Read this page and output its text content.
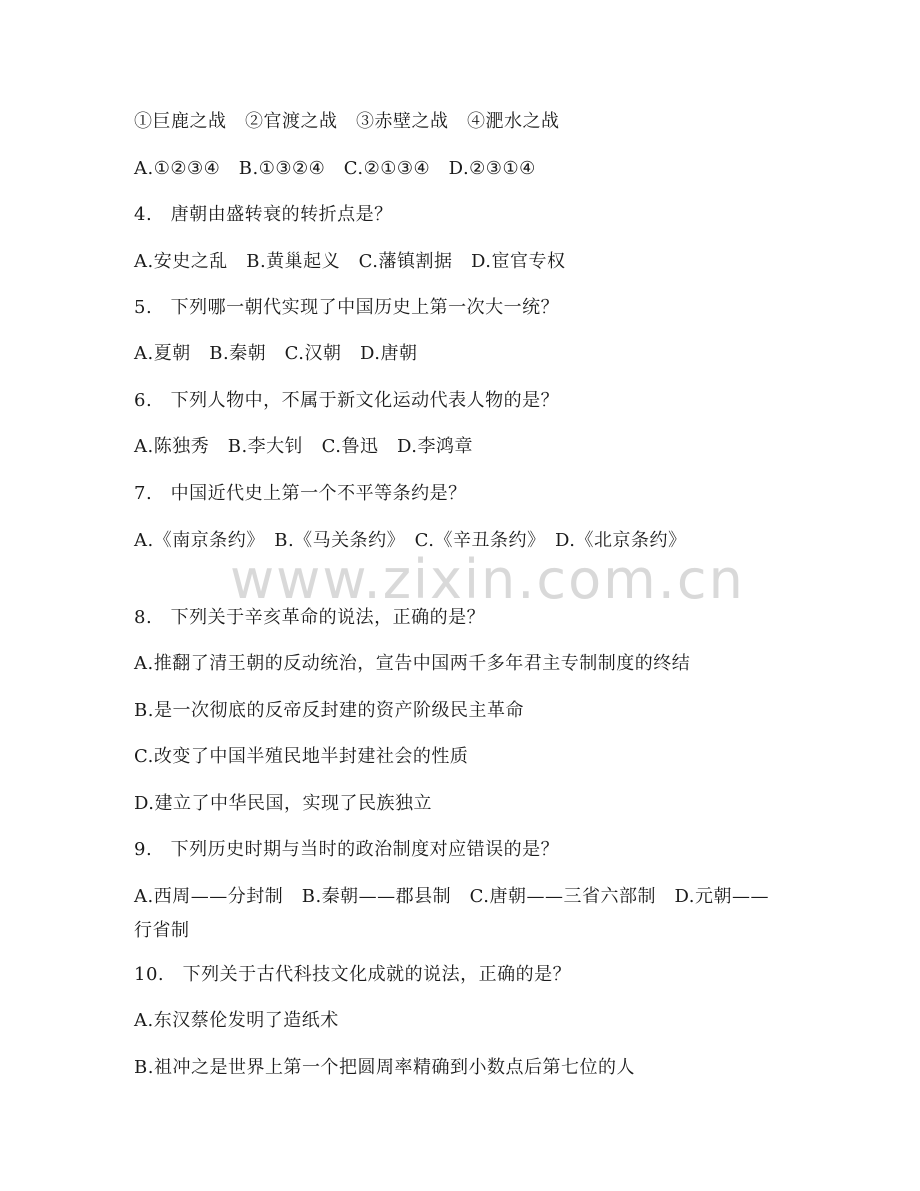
①巨鹿之战　②官渡之战　③赤壁之战　④淝水之战
A.①②③④　B.①③②④　C.②①③④　D.②③①④
4.　唐朝由盛转衰的转折点是？
A.安史之乱　B.黄巢起义　C.藩镇割据　D.宦官专权
5.　下列哪一朝代实现了中国历史上第一次大一统？
A.夏朝　B.秦朝　C.汉朝　D.唐朝
6.　下列人物中，不属于新文化运动代表人物的是？
A.陈独秀　B.李大钊　C.鲁迅　D.李鸿章
7.　中国近代史上第一个不平等条约是？
A.《南京条约》　B.《马关条约》　C.《辛丑条约》　D.《北京条约》
8.　下列关于辛亥革命的说法，正确的是？
A.推翻了清王朝的反动统治，宣告中国两千多年君主专制制度的终结
B.是一次彻底的反帝反封建的资产阶级民主革命
C.改变了中国半殖民地半封建社会的性质
D.建立了中华民国，实现了民族独立
9.　下列历史时期与当时的政治制度对应错误的是？
A.西周——分封制　B.秦朝——郡县制　C.唐朝——三省六部制　D.元朝——行省制
10.　下列关于古代科技文化成就的说法，正确的是？
A.东汉蔡伦发明了造纸术
B.祖冲之是世界上第一个把圆周率精确到小数点后第七位的人
www.zixin.com.cn
